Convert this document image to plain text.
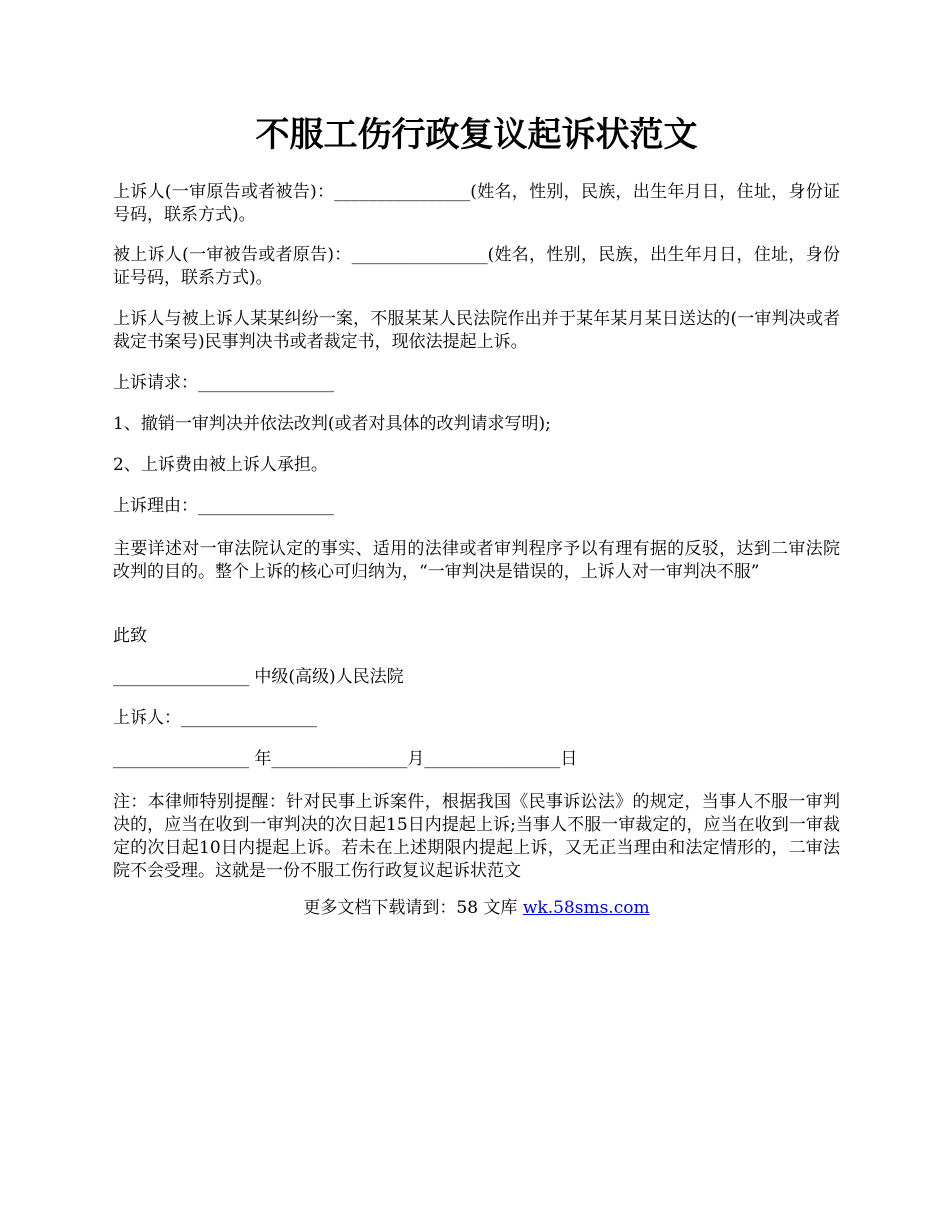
不服工伤行政复议起诉状范文

上诉人(一审原告或者被告)：________________(姓名，性别，民族，出生年月日，住址，身份证号码，联系方式)。

被上诉人(一审被告或者原告)：________________(姓名，性别，民族，出生年月日，住址，身份证号码，联系方式)。

上诉人与被上诉人某某纠纷一案，不服某某人民法院作出并于某年某月某日送达的(一审判决或者裁定书案号)民事判决书或者裁定书，现依法提起上诉。

上诉请求：________________

1、撤销一审判决并依法改判(或者对具体的改判请求写明);

2、上诉费由被上诉人承担。

上诉理由：________________

主要详述对一审法院认定的事实、适用的法律或者审判程序予以有理有据的反驳，达到二审法院改判的目的。整个上诉的核心可归纳为，“一审判决是错误的，上诉人对一审判决不服”

此致

________________ 中级(高级)人民法院

上诉人：________________

________________ 年________________月________________日

注：本律师特别提醒：针对民事上诉案件，根据我国《民事诉讼法》的规定，当事人不服一审判决的，应当在收到一审判决的次日起15日内提起上诉;当事人不服一审裁定的，应当在收到一审裁定的次日起10日内提起上诉。若未在上述期限内提起上诉，又无正当理由和法定情形的，二审法院不会受理。这就是一份不服工伤行政复议起诉状范文

更多文档下载请到：58 文库 wk.58sms.com
